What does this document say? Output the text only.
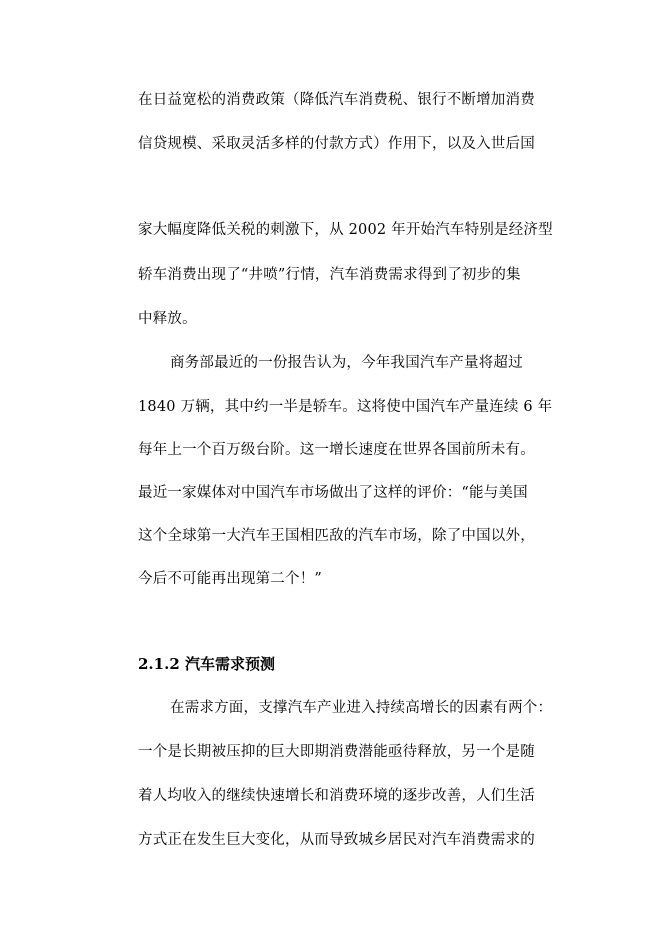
在日益宽松的消费政策（降低汽车消费税、银行不断增加消费
信贷规模、采取灵活多样的付款方式）作用下，以及入世后国
家大幅度降低关税的刺激下，从 2002 年开始汽车特别是经济型
轿车消费出现了“井喷”行情，汽车消费需求得到了初步的集
中释放。
商务部最近的一份报告认为，今年我国汽车产量将超过
1840 万辆，其中约一半是轿车。这将使中国汽车产量连续 6 年
每年上一个百万级台阶。这一增长速度在世界各国前所未有。
最近一家媒体对中国汽车市场做出了这样的评价：“能与美国
这个全球第一大汽车王国相匹敌的汽车市场，除了中国以外，
今后不可能再出现第二个！”
2.1.2 汽车需求预测
在需求方面，支撑汽车产业进入持续高增长的因素有两个：
一个是长期被压抑的巨大即期消费潜能亟待释放，另一个是随
着人均收入的继续快速增长和消费环境的逐步改善，人们生活
方式正在发生巨大变化，从而导致城乡居民对汽车消费需求的
